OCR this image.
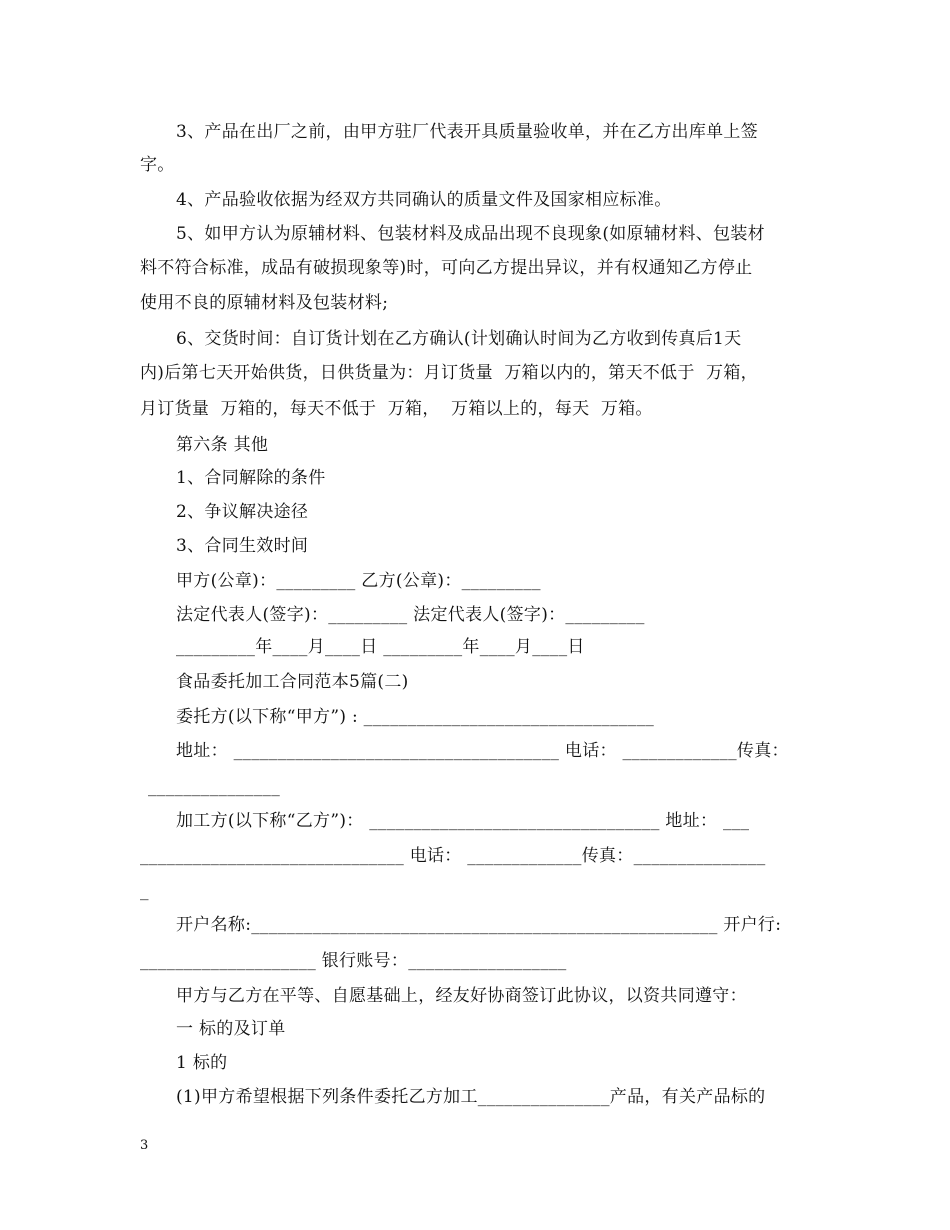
3、产品在出厂之前，由甲方驻厂代表开具质量验收单，并在乙方出库单上签
字。
4、产品验收依据为经双方共同确认的质量文件及国家相应标准。
5、如甲方认为原辅材料、包装材料及成品出现不良现象(如原辅材料、包装材
料不符合标准，成品有破损现象等)时，可向乙方提出异议，并有权通知乙方停止
使用不良的原辅材料及包装材料;
6、交货时间：自订货计划在乙方确认(计划确认时间为乙方收到传真后1天
内)后第七天开始供货，日供货量为：月订货量  万箱以内的，第天不低于  万箱，
月订货量  万箱的，每天不低于  万箱，  万箱以上的，每天  万箱。
第六条 其他
1、合同解除的条件
2、争议解决途径
3、合同生效时间
甲方(公章)：_________ 乙方(公章)：_________
法定代表人(签字)：_________ 法定代表人(签字)：_________
_________年____月____日 _________年____月____日
食品委托加工合同范本5篇(二)
委托方(以下称“甲方”) : _________________________________
地址： _____________________________________ 电话： _____________传真：
_______________
加工方(以下称“乙方”)： _________________________________ 地址： ___
______________________________ 电话： _____________传真：_______________
_
开户名称:_____________________________________________________ 开户行:
____________________ 银行账号：__________________
甲方与乙方在平等、自愿基础上，经友好协商签订此协议，以资共同遵守：
一 标的及订单
1 标的
(1)甲方希望根据下列条件委托乙方加工_______________产品，有关产品标的
3
